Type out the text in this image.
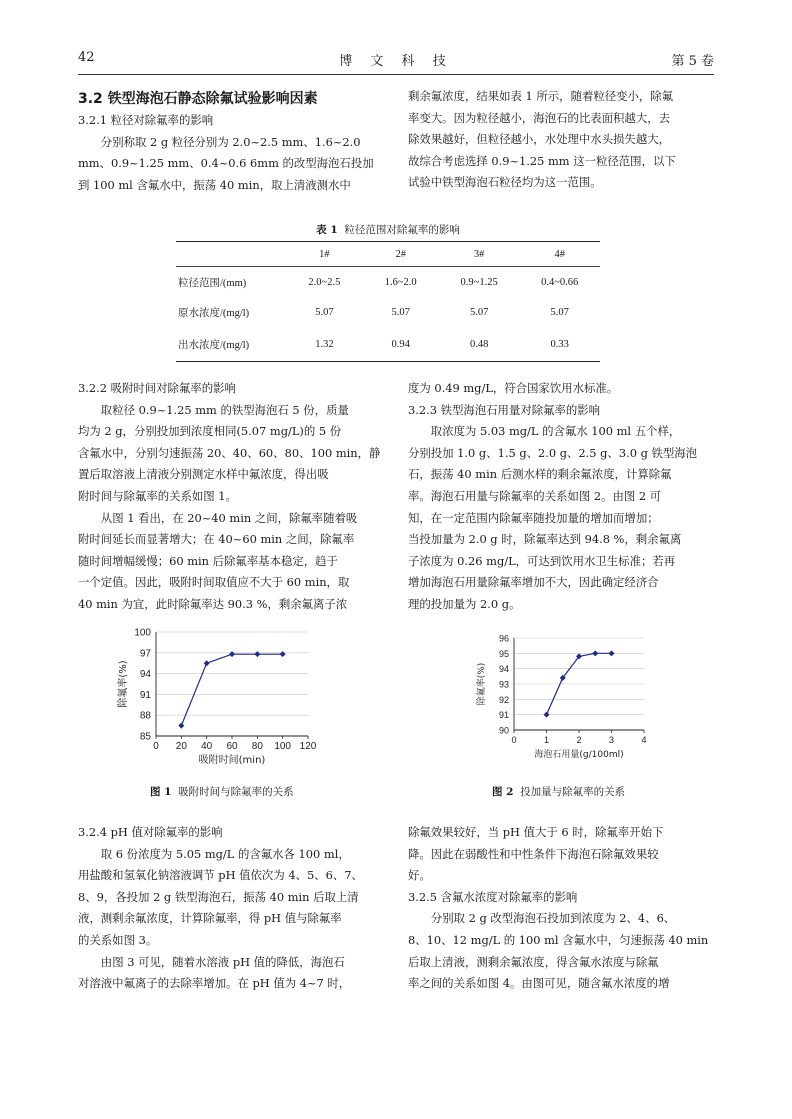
42	博 文 科 技	第 5 卷

3.2 铁型海泡石静态除氟试验影响因素

3.2.1 粒径对除氟率的影响

分别称取 2 g 粒径分别为 2.0~2.5 mm、1.6~2.0
mm、0.9~1.25 mm、0.4~0.6 6mm 的改型海泡石投加
到 100 ml 含氟水中，振荡 40 min，取上清液测水中

剩余氟浓度，结果如表 1 所示，随着粒径变小，除氟
率变大。因为粒径越小，海泡石的比表面积越大，去
除效果越好，但粒径越小，水处理中水头损失越大，
故综合考虑选择 0.9~1.25 mm 这一粒径范围，以下
试验中铁型海泡石粒径均为这一范围。

表 1 粒径范围对除氟率的影响
	1#	2#	3#	4#
粒径范围/(mm)	2.0~2.5	1.6~2.0	0.9~1.25	0.4~0.66
原水浓度/(mg/l)	5.07	5.07	5.07	5.07
出水浓度/(mg/l)	1.32	0.94	0.48	0.33

3.2.2 吸附时间对除氟率的影响

取粒径 0.9~1.25 mm 的铁型海泡石 5 份，质量
均为 2 g，分别投加到浓度相同(5.07 mg/L)的 5 份
含氟水中，分别匀速振荡 20、40、60、80、100 min，静
置后取溶液上清液分别测定水样中氟浓度，得出吸
附时间与除氟率的关系如图 1。

从图 1 看出，在 20~40 min 之间，除氟率随着吸
附时间延长而显著增大；在 40~60 min 之间，除氟率
随时间增幅缓慢；60 min 后除氟率基本稳定，趋于
一个定值。因此，吸附时间取值应不大于 60 min，取
40 min 为宜，此时除氟率达 90.3 %，剩余氟离子浓

度为 0.49 mg/L，符合国家饮用水标准。

3.2.3 铁型海泡石用量对除氟率的影响

取浓度为 5.03 mg/L 的含氟水 100 ml 五个样，
分别投加 1.0 g、1.5 g、2.0 g、2.5 g、3.0 g 铁型海泡
石，振荡 40 min 后测水样的剩余氟浓度，计算除氟
率。海泡石用量与除氟率的关系如图 2。由图 2 可
知，在一定范围内除氟率随投加量的增加而增加；
当投加量为 2.0 g 时，除氟率达到 94.8 %，剩余氟离
子浓度为 0.26 mg/L，可达到饮用水卫生标准；若再
增加海泡石用量除氟率增加不大，因此确定经济合
理的投加量为 2.0 g。

85
88
91
94
97
100
0 20 40 60 80 100 120
吸附时间(min)
除氟率(%)
图 1 吸附时间与除氟率的关系
90
91
92
93
94
95
96
0	1	2	3	4
海泡石用量(g/100ml)
除氟率(%)
图 2 投加量与除氟率的关系

3.2.4 pH 值对除氟率的影响

取 6 份浓度为 5.05 mg/L 的含氟水各 100 ml，
用盐酸和氢氧化钠溶液调节 pH 值依次为 4、5、6、7、
8、9，各投加 2 g 铁型海泡石，振荡 40 min 后取上清
液，测剩余氟浓度，计算除氟率，得 pH 值与除氟率
的关系如图 3。

由图 3 可见，随着水溶液 pH 值的降低，海泡石
对溶液中氟离子的去除率增加。在 pH 值为 4~7 时，

除氟效果较好，当 pH 值大于 6 时，除氟率开始下
降。因此在弱酸性和中性条件下海泡石除氟效果较
好。

3.2.5 含氟水浓度对除氟率的影响

分别取 2 g 改型海泡石投加到浓度为 2、4、6、
8、10、12 mg/L 的 100 ml 含氟水中，匀速振荡 40 min
后取上清液，测剩余氟浓度，得含氟水浓度与除氟
率之间的关系如图 4。由图可见，随含氟水浓度的增
